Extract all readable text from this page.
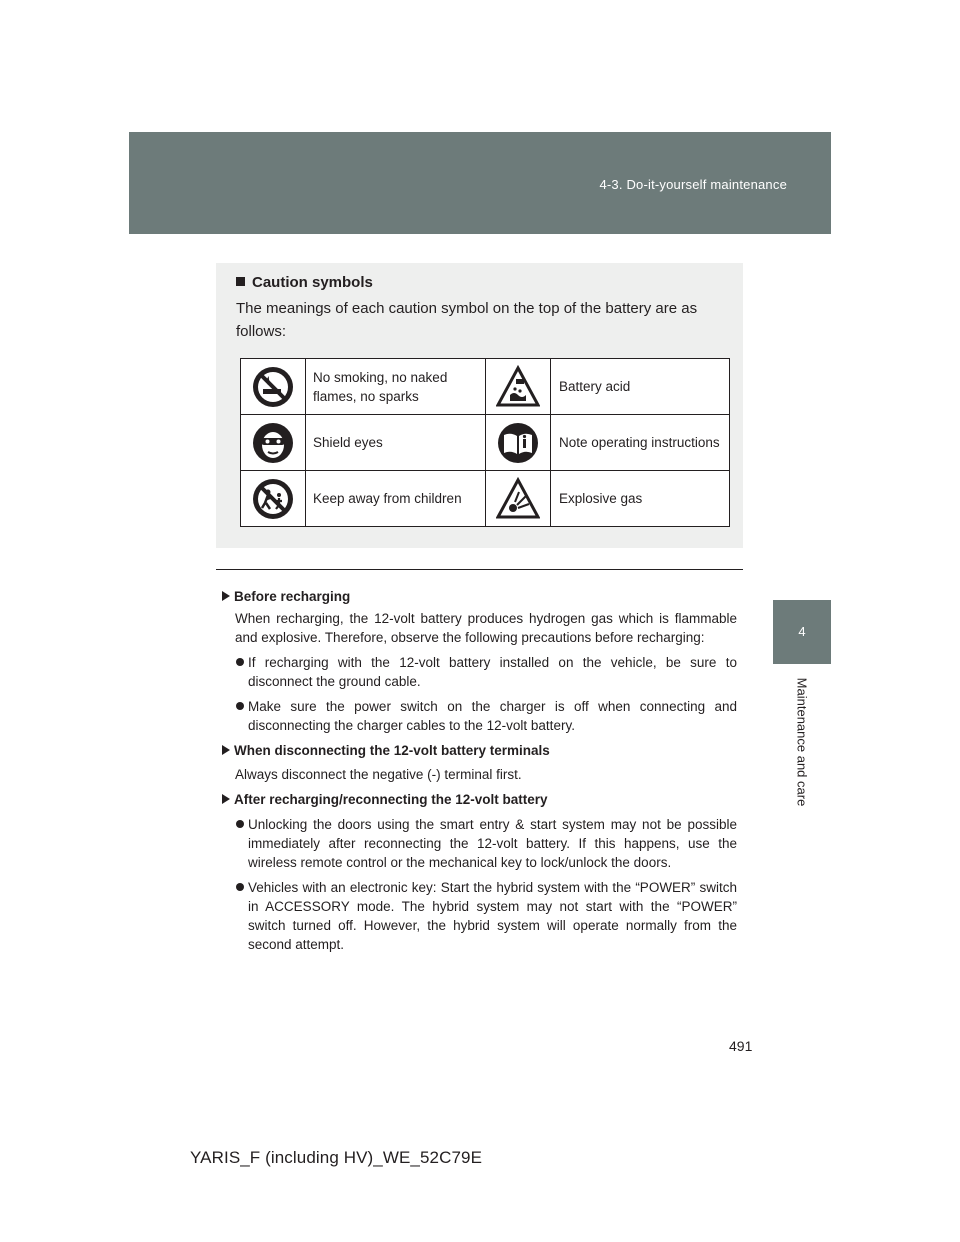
4-3. Do-it-yourself maintenance
4
Maintenance and care
Caution symbols
The meanings of each caution symbol on the top of the battery are as follows:
	No smoking, no naked flames, no sparks		Battery acid

	Shield eyes		Note operating instructions

	Keep away from children		Explosive gas
Before recharging
When recharging, the 12-volt battery produces hydrogen gas which is flammable and explosive. Therefore, observe the following precautions before recharging:
If recharging with the 12-volt battery installed on the vehicle, be sure to disconnect the ground cable.
Make sure the power switch on the charger is off when connecting and disconnecting the charger cables to the 12-volt battery.
When disconnecting the 12-volt battery terminals
Always disconnect the negative (-) terminal first.
After recharging/reconnecting the 12-volt battery
Unlocking the doors using the smart entry & start system may not be possible immediately after reconnecting the 12-volt battery. If this happens, use the wireless remote control or the mechanical key to lock/unlock the doors.
Vehicles with an electronic key: Start the hybrid system with the “POWER” switch in ACCESSORY mode. The hybrid system may not start with the “POWER” switch turned off. However, the hybrid system will operate normally from the second attempt.
491
YARIS_F (including HV)_WE_52C79E
